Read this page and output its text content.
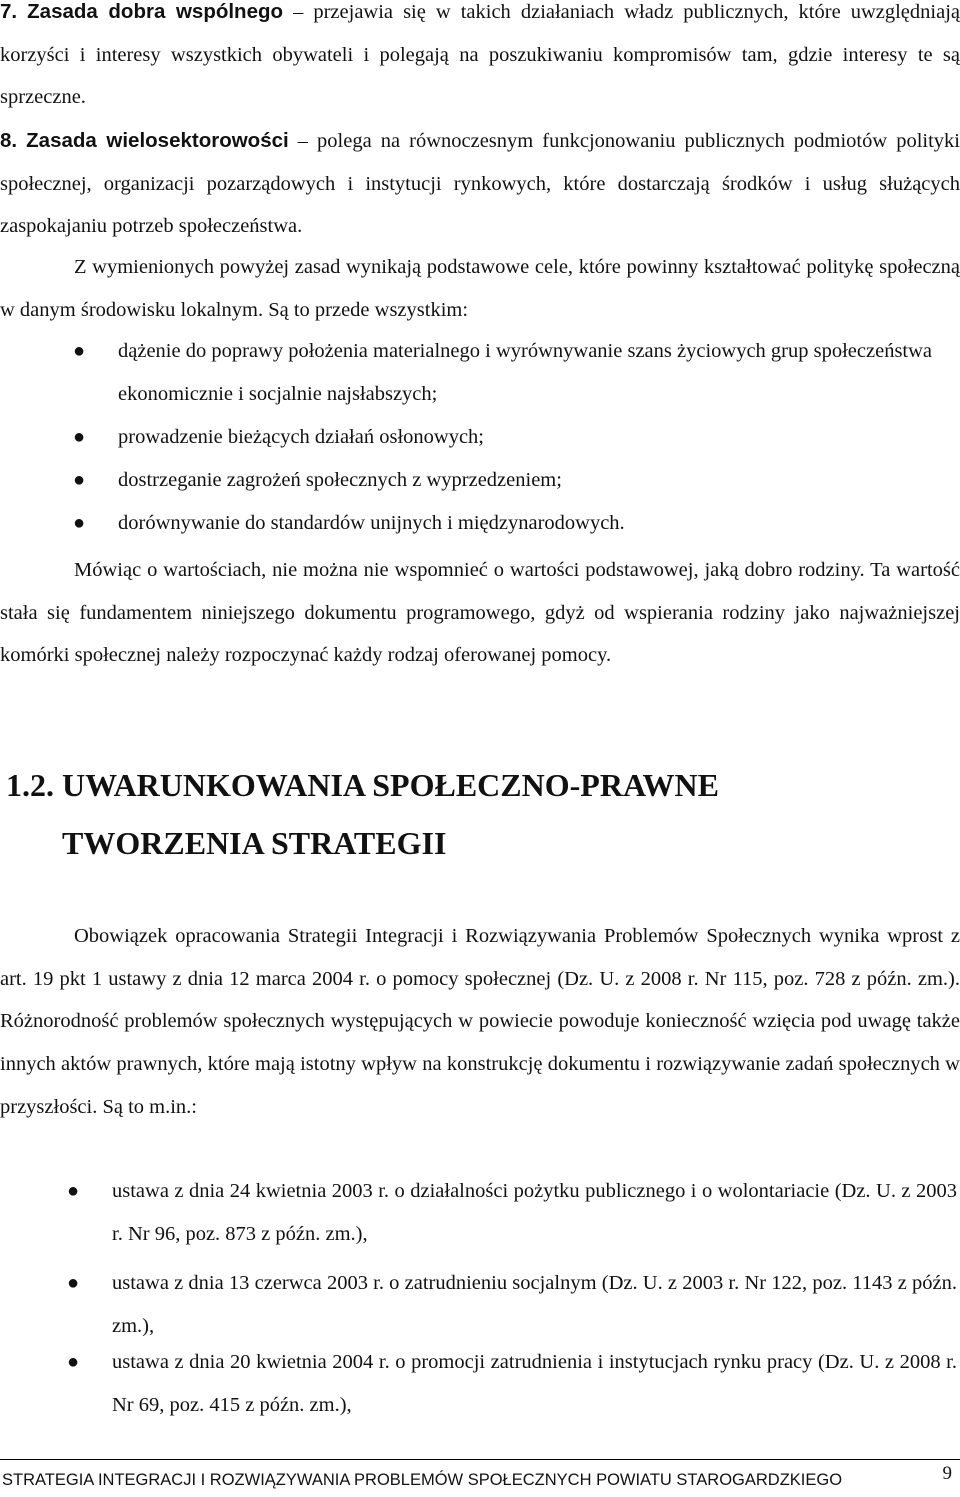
7. Zasada dobra wspólnego – przejawia się w takich działaniach władz publicznych, które uwzględniają korzyści i interesy wszystkich obywateli i polegają na poszukiwaniu kompromisów tam, gdzie interesy te są sprzeczne.

8. Zasada wielosektorowości – polega na równoczesnym funkcjonowaniu publicznych podmiotów polityki społecznej, organizacji pozarządowych i instytucji rynkowych, które dostarczają środków i usług służących zaspokajaniu potrzeb społeczeństwa.

Z wymienionych powyżej zasad wynikają podstawowe cele, które powinny kształtować politykę społeczną w danym środowisku lokalnym. Są to przede wszystkim:

● dążenie do poprawy położenia materialnego i wyrównywanie szans życiowych grup społeczeństwa ekonomicznie i socjalnie najsłabszych;

● prowadzenie bieżących działań osłonowych;

● dostrzeganie zagrożeń społecznych z wyprzedzeniem;

● dorównywanie do standardów unijnych i międzynarodowych.

Mówiąc o wartościach, nie można nie wspomnieć o wartości podstawowej, jaką dobro rodziny. Ta wartość stała się fundamentem niniejszego dokumentu programowego, gdyż od wspierania rodziny jako najważniejszej komórki społecznej należy rozpoczynać każdy rodzaj oferowanej pomocy.

1.2. UWARUNKOWANIA SPOŁECZNO-PRAWNE
TWORZENIA STRATEGII

Obowiązek opracowania Strategii Integracji i Rozwiązywania Problemów Społecznych wynika wprost z art. 19 pkt 1 ustawy z dnia 12 marca 2004 r. o pomocy społecznej (Dz. U. z 2008 r. Nr 115, poz. 728 z późn. zm.). Różnorodność problemów społecznych występujących w powiecie powoduje konieczność wzięcia pod uwagę także innych aktów prawnych, które mają istotny wpływ na konstrukcję dokumentu i rozwiązywanie zadań społecznych w przyszłości. Są to m.in.:

● ustawa z dnia 24 kwietnia 2003 r. o działalności pożytku publicznego i o wolontariacie (Dz. U. z 2003 r. Nr 96, poz. 873 z późn. zm.),

● ustawa z dnia 13 czerwca 2003 r. o zatrudnieniu socjalnym (Dz. U. z 2003 r. Nr 122, poz. 1143 z późn. zm.),

● ustawa z dnia 20 kwietnia 2004 r. o promocji zatrudnienia i instytucjach rynku pracy (Dz. U. z 2008 r. Nr 69, poz. 415 z późn. zm.),

STRATEGIA INTEGRACJI I ROZWIĄZYWANIA PROBLEMÓW SPOŁECZNYCH POWIATU STAROGARDZKIEGO	9
